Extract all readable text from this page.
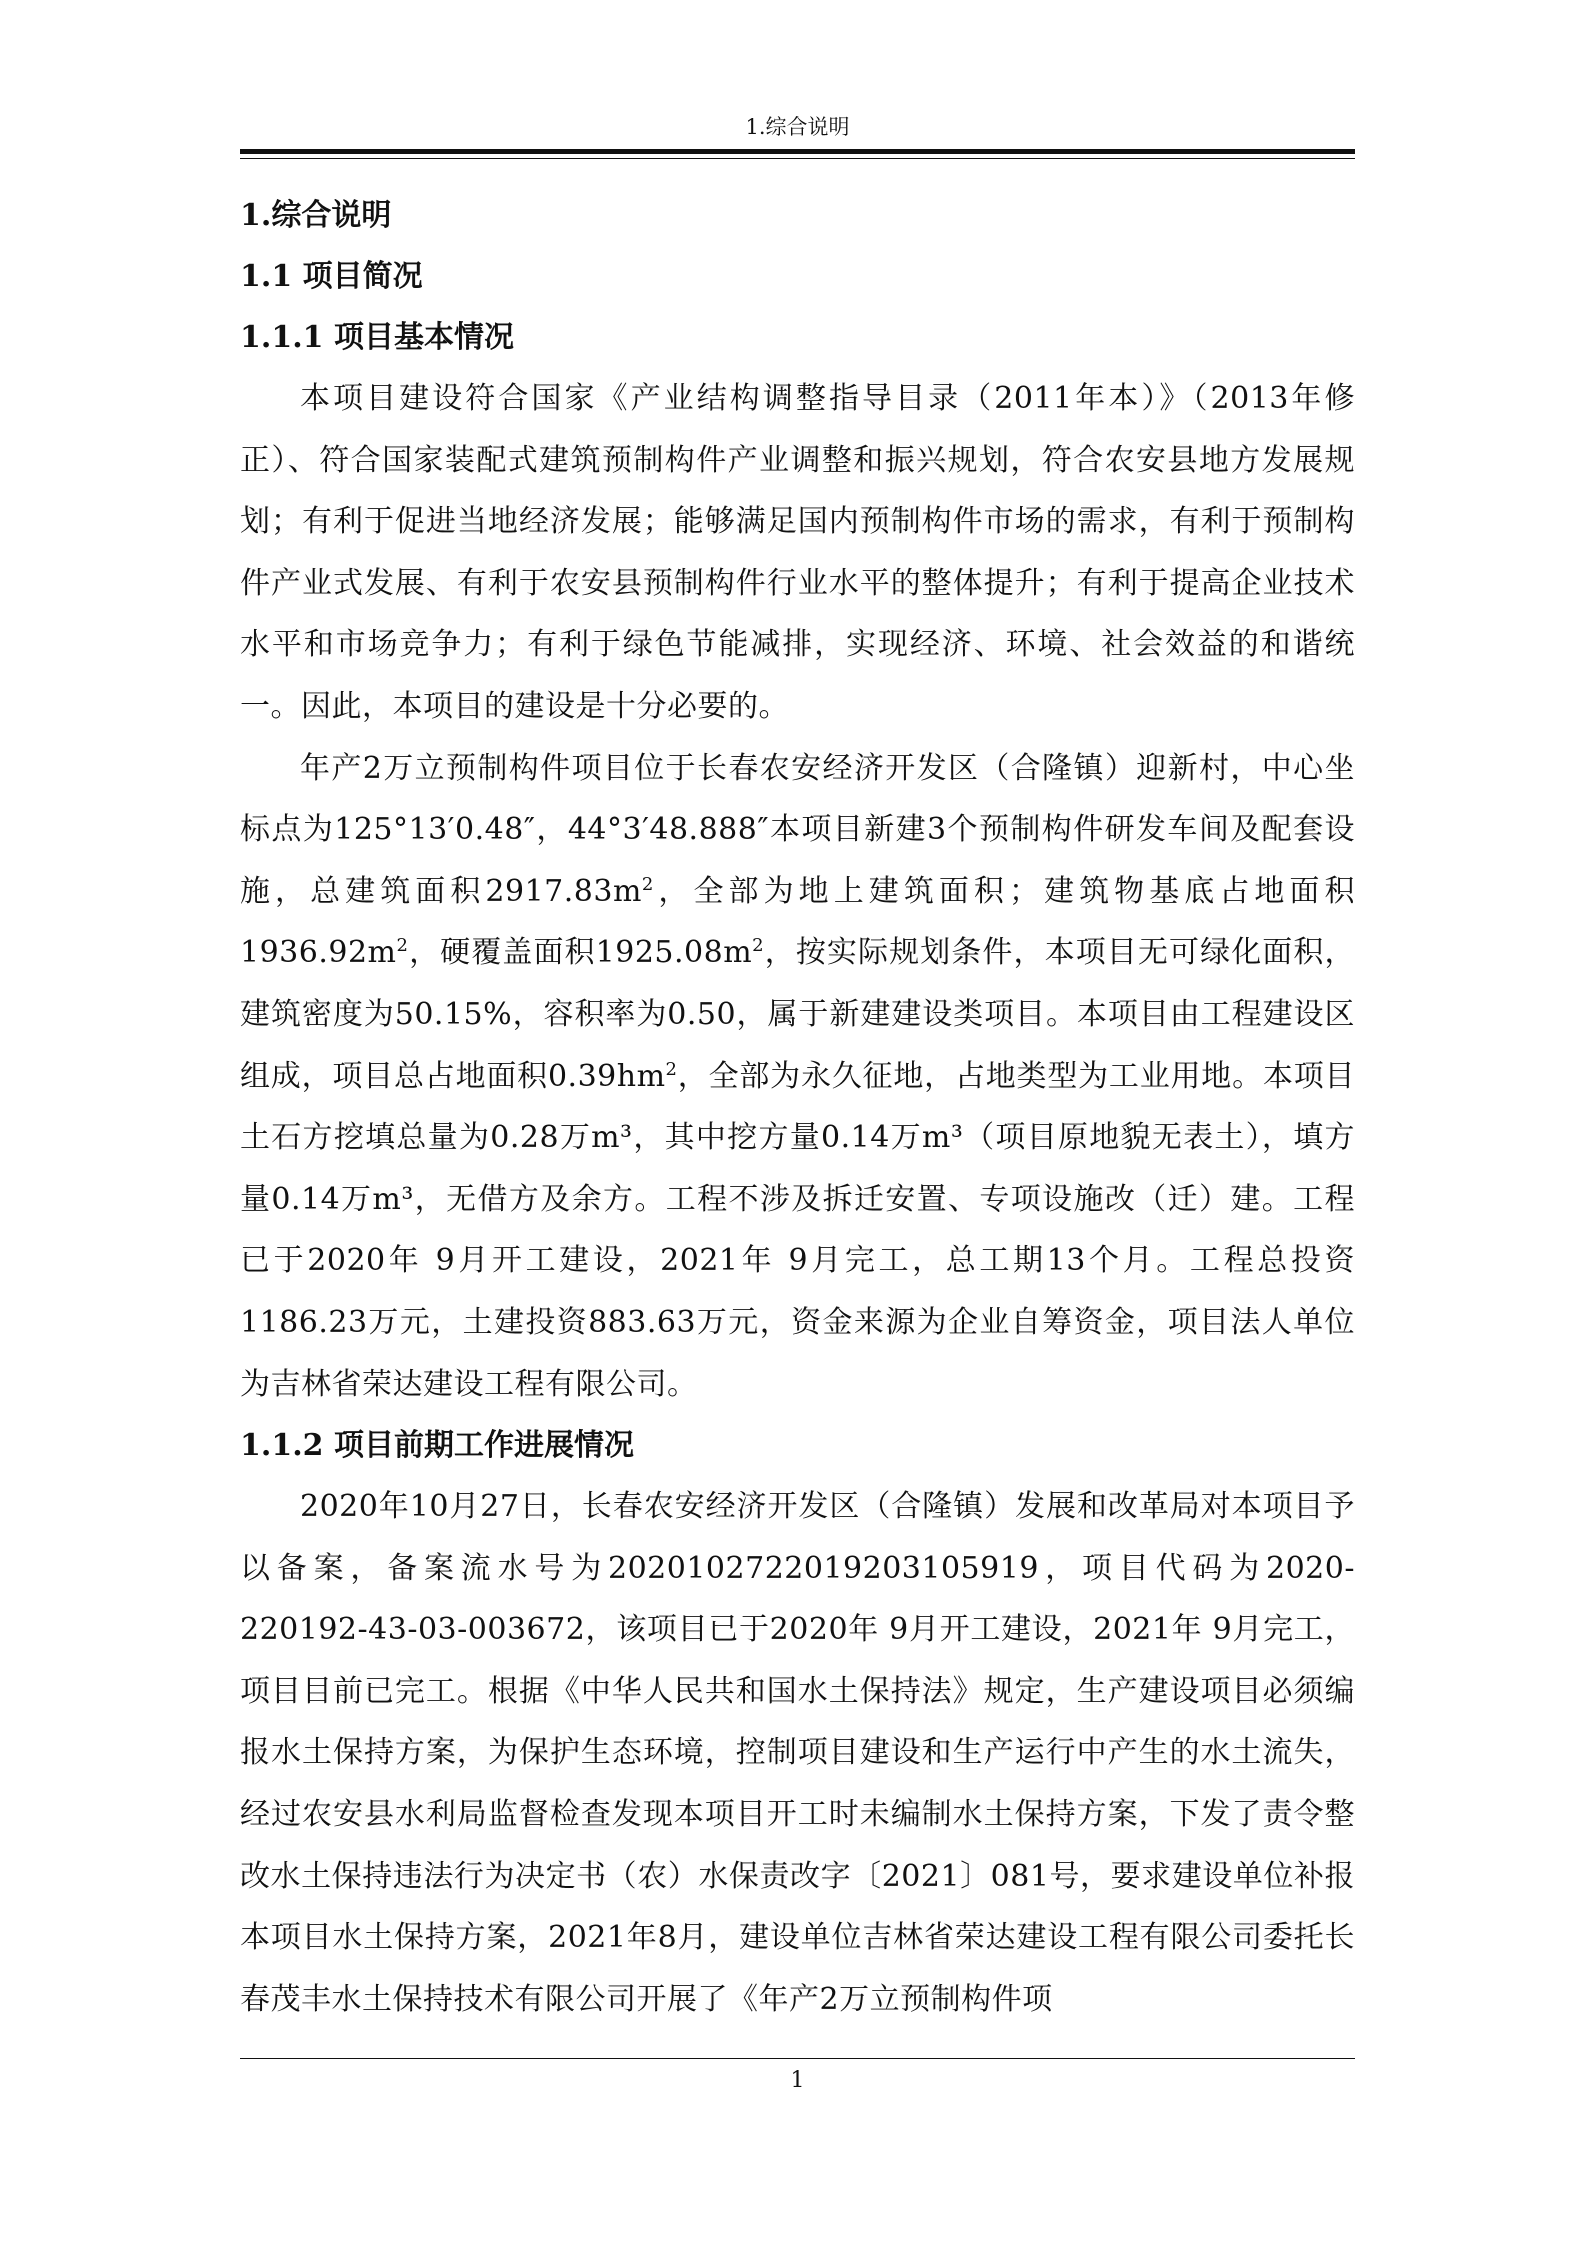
1.综合说明

1.综合说明

1.1 项目简况

1.1.1 项目基本情况

本项目建设符合国家《产业结构调整指导目录（2011年本）》（2013年修正）、符合国家装配式建筑预制构件产业调整和振兴规划，符合农安县地方发展规划；有利于促进当地经济发展；能够满足国内预制构件市场的需求，有利于预制构件产业式发展、有利于农安县预制构件行业水平的整体提升；有利于提高企业技术水平和市场竞争力；有利于绿色节能减排，实现经济、环境、社会效益的和谐统一。因此，本项目的建设是十分必要的。

年产2万立预制构件项目位于长春农安经济开发区（合隆镇）迎新村，中心坐标点为125°13′0.48″，44°3′48.888″本项目新建3个预制构件研发车间及配套设施，总建筑面积$2917.83m^2$，全部为地上建筑面积；建筑物基底占地面积$1936.92m^2$，硬覆盖面积$1925.08m^2$，按实际规划条件，本项目无可绿化面积，建筑密度为50.15%，容积率为0.50，属于新建建设类项目。本项目由工程建设区组成，项目总占地面积$0.39hm^2$，全部为永久征地，占地类型为工业用地。本项目土石方挖填总量为0.28万m³，其中挖方量0.14万m³（项目原地貌无表土），填方量0.14万m³，无借方及余方。工程不涉及拆迁安置、专项设施改（迁）建。工程已于2020年 9月开工建设，2021年 9月完工，总工期13个月。工程总投资1186.23万元，土建投资883.63万元，资金来源为企业自筹资金，项目法人单位为吉林省荣达建设工程有限公司。

1.1.2 项目前期工作进展情况

2020年10月27日，长春农安经济开发区（合隆镇）发展和改革局对本项目予以备案，备案流水号为202010272201920310591​9，项目代码为2020-220192-43-03-003672，该项目已于2020年 9月开工建设，2021年 9月完工，项目目前已完工。根据《中华人民共和国水土保持法》规定，生产建设项目必须编报水土保持方案，为保护生态环境，控制项目建设和生产运行中产生的水土流失，经过农安县水利局监督检查发现本项目开工时未编制水土保持方案，下发了责令整改水土保持违法行为决定书（农）水保责改字〔2021〕081号，要求建设单位补报本项目水土保持方案，2021年8月，建设单位吉林省荣达建设工程有限公司委托长春茂丰水土保持技术有限公司开展了《年产2万立预制构件项

1
